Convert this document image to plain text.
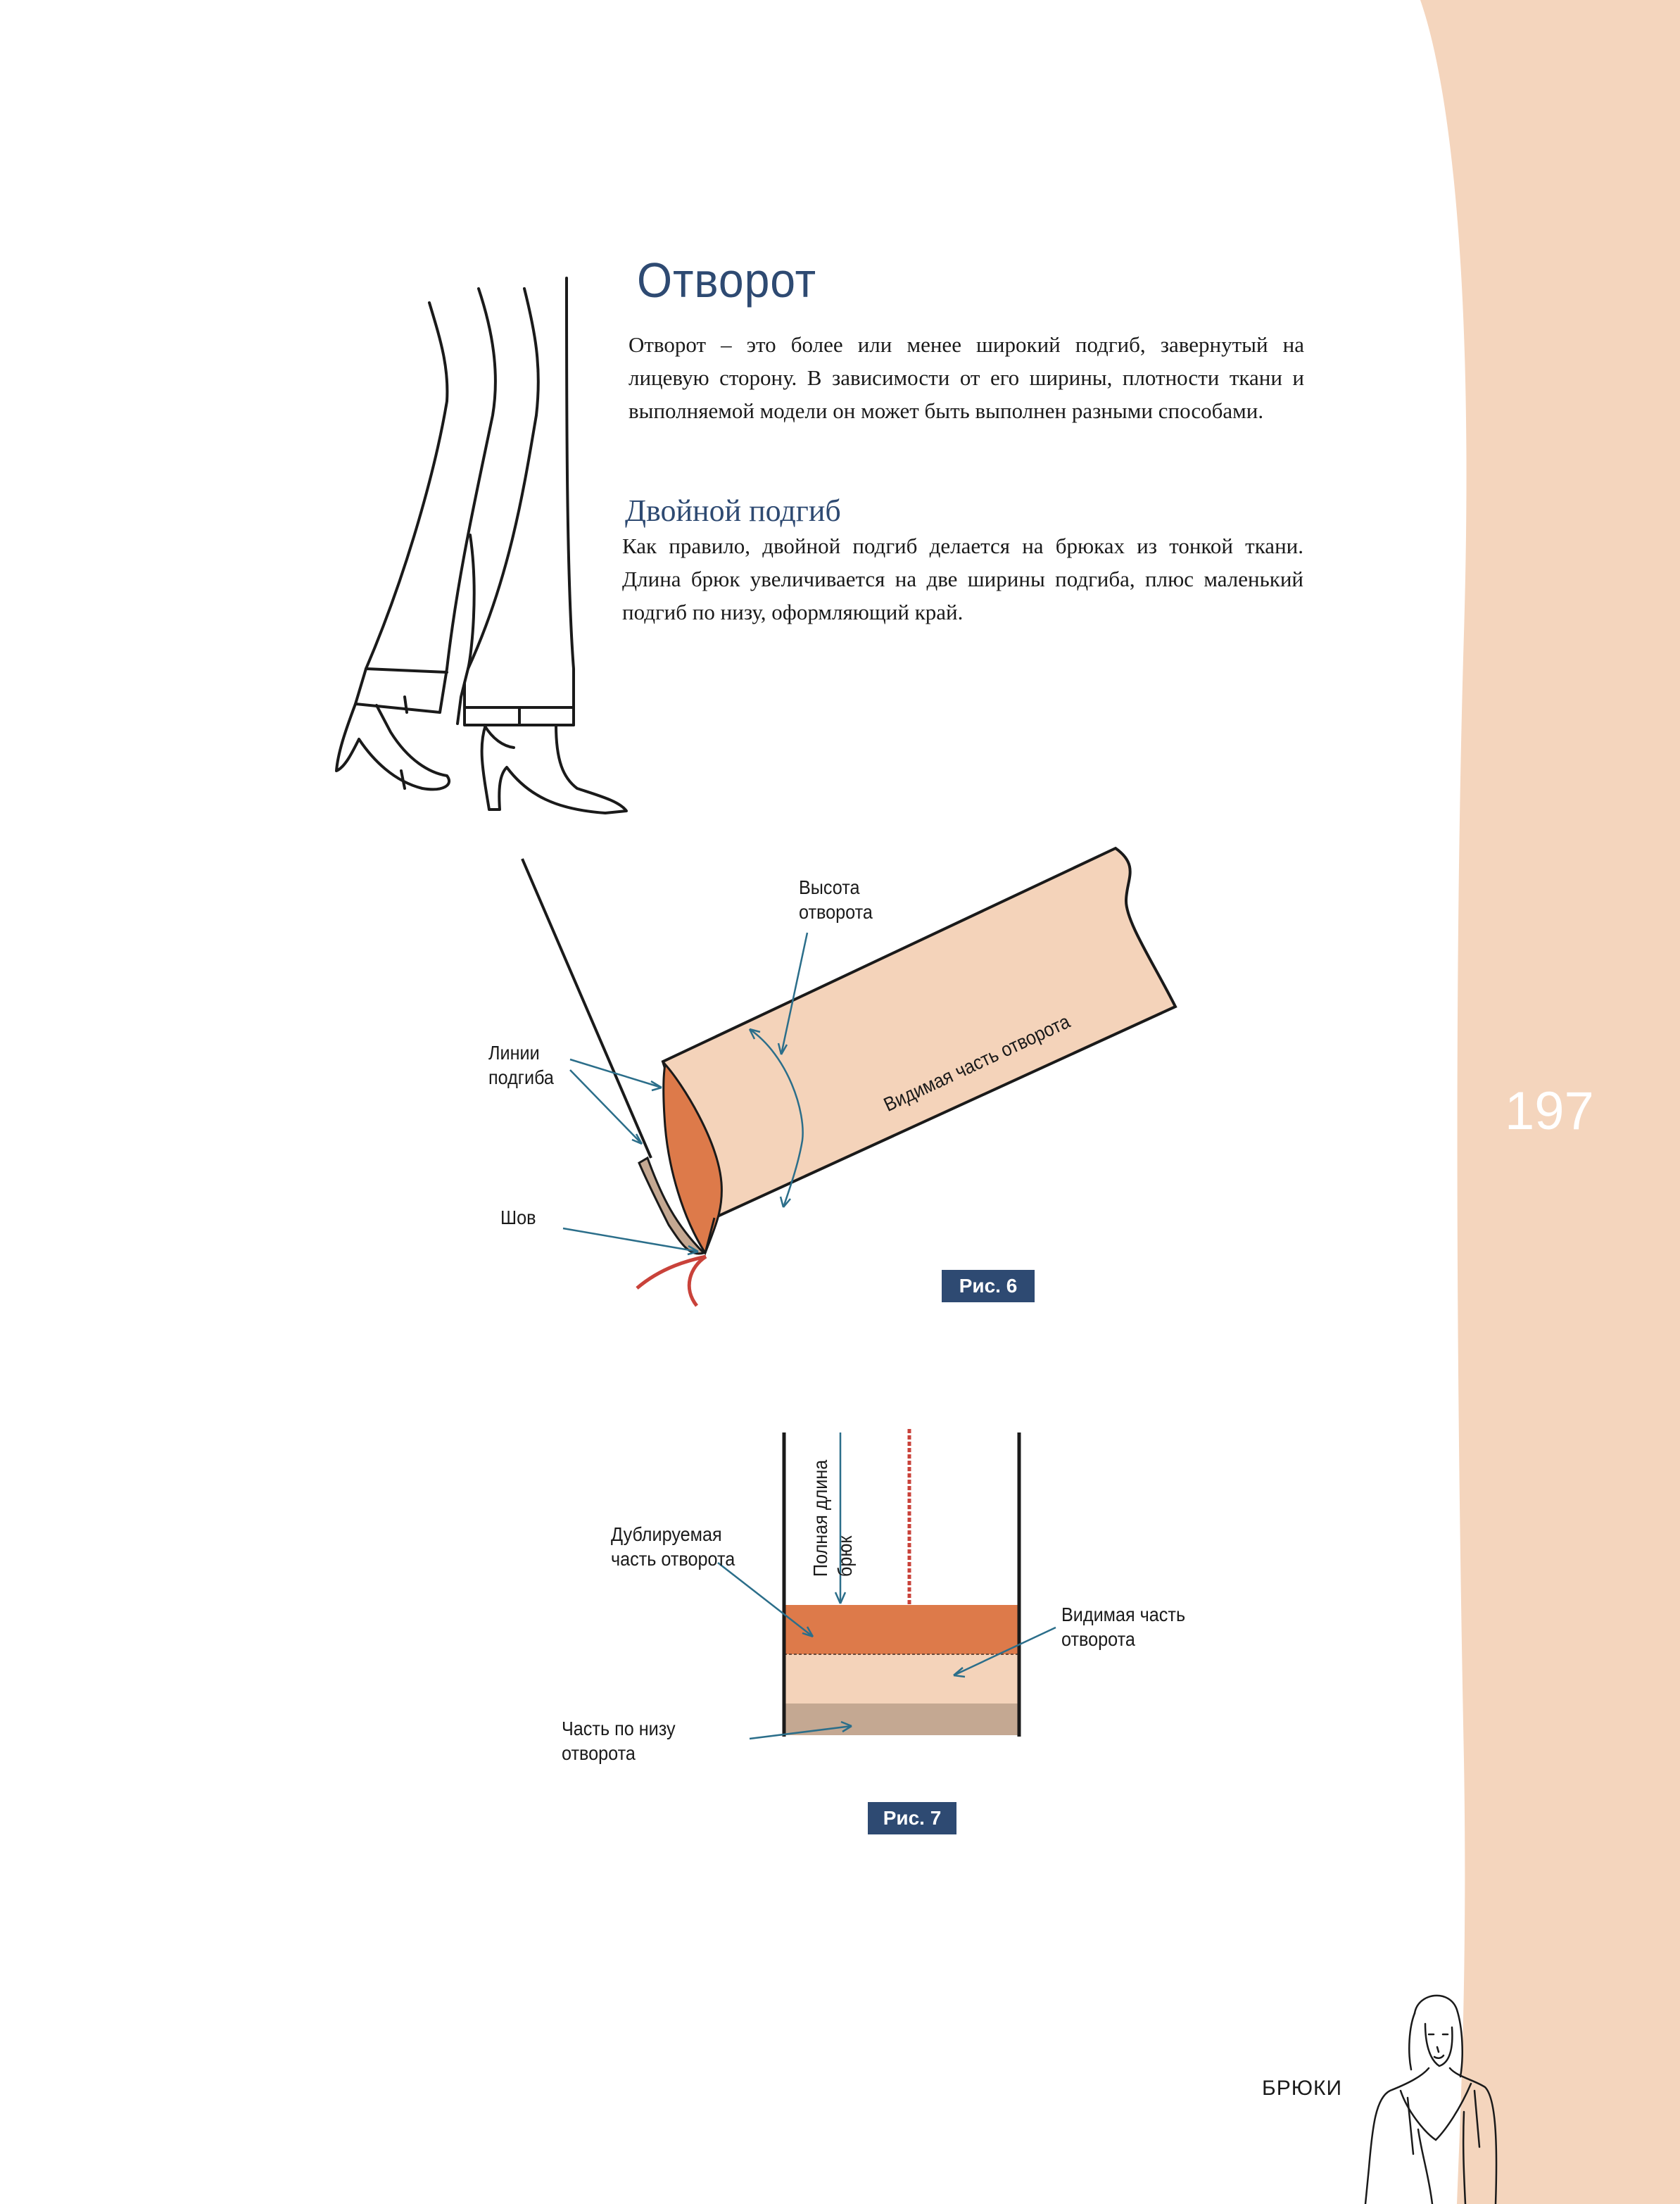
Отворот
Отворот – это более или менее широкий подгиб, завернутый на лицевую сторону. В зависимости от его ширины, плотности ткани и выполняемой модели он может быть выполнен разными способами.
Двойной подгиб
Как правило, двойной подгиб делается на брюках из тонкой ткани. Длина брюк увеличивается на две ширины подгиба, плюс маленький подгиб по низу, оформляющий край.
Высота
отворота
Линии
подгиба
Шов
Видимая часть отворота
Рис. 6
Полная длина брюк
Дублируемая
часть отворота
Видимая часть
отворота
Часть по низу
отворота
Рис. 7
197
БРЮКИ
